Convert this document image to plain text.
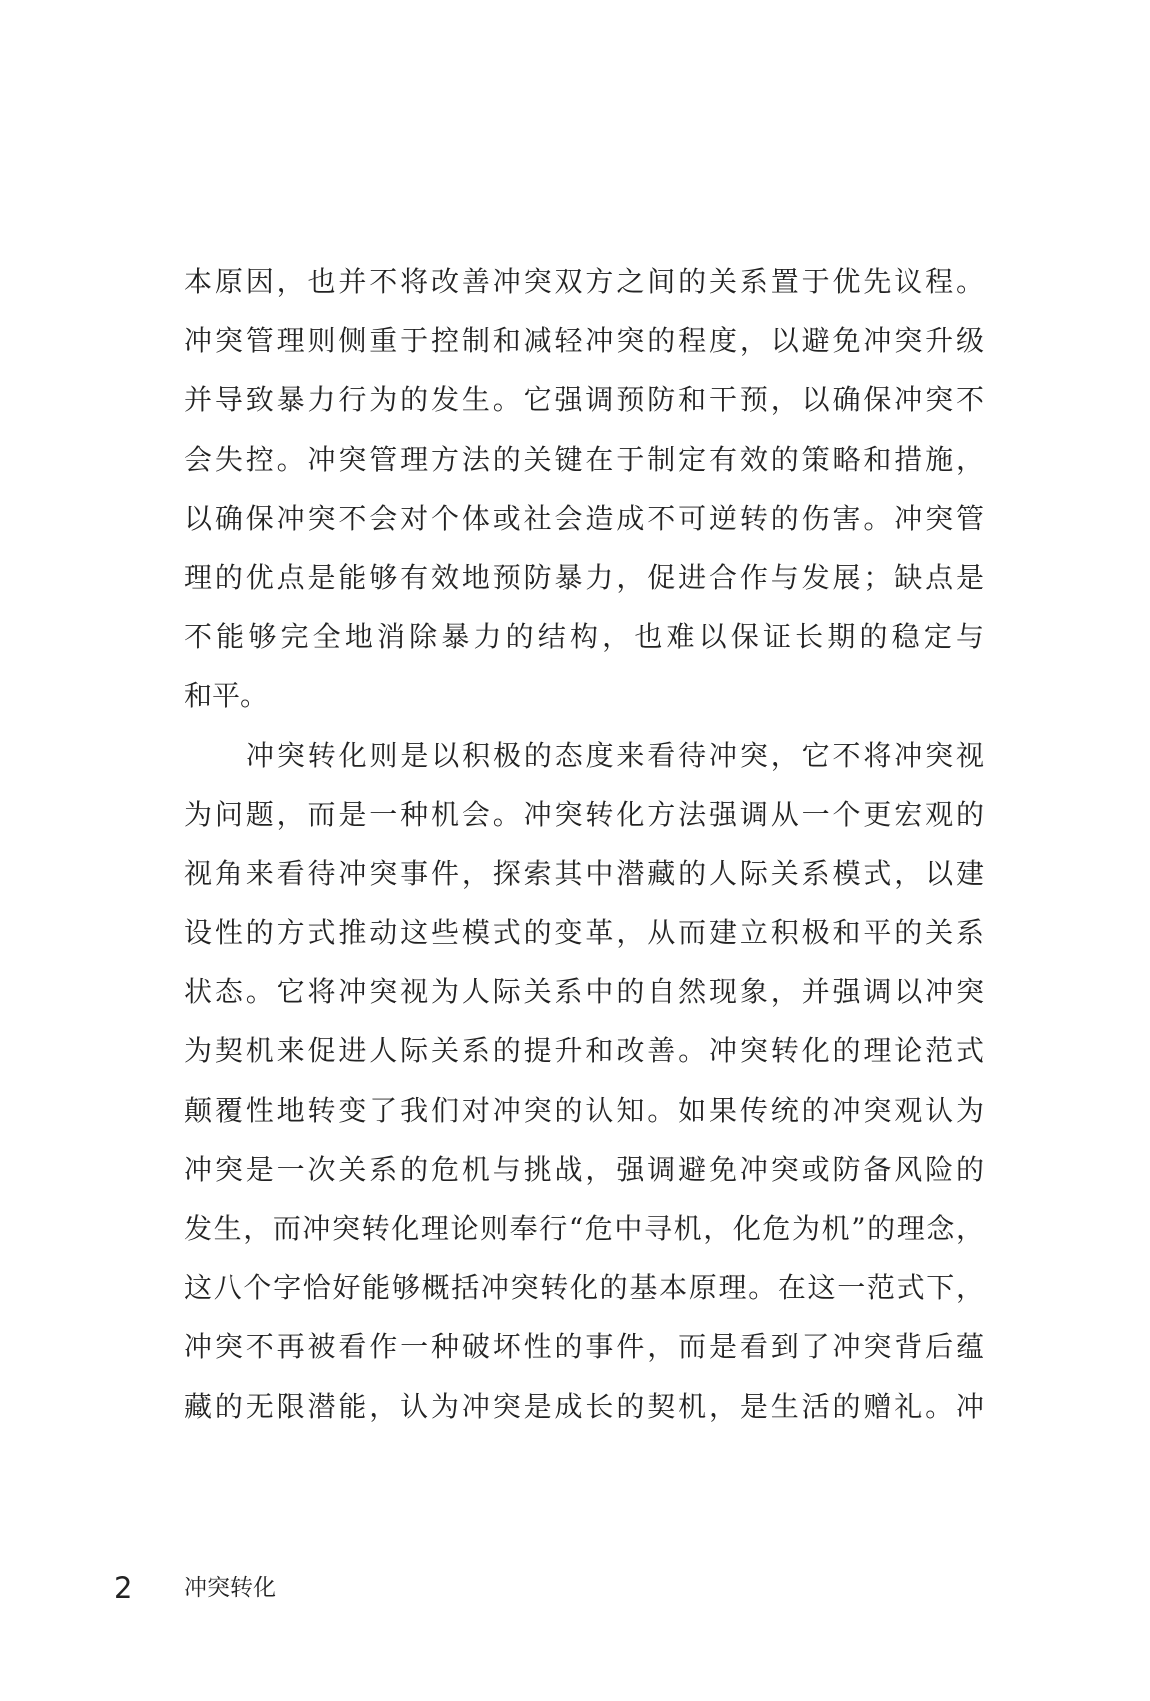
本原因，也并不将改善冲突双方之间的关系置于优先议程。
冲突管理则侧重于控制和减轻冲突的程度，以避免冲突升级
并导致暴力行为的发生。它强调预防和干预，以确保冲突不
会失控。冲突管理方法的关键在于制定有效的策略和措施，
以确保冲突不会对个体或社会造成不可逆转的伤害。冲突管
理的优点是能够有效地预防暴力，促进合作与发展；缺点是
不能够完全地消除暴力的结构，也难以保证长期的稳定与
和平。
冲突转化则是以积极的态度来看待冲突，它不将冲突视
为问题，而是一种机会。冲突转化方法强调从一个更宏观的
视角来看待冲突事件，探索其中潜藏的人际关系模式，以建
设性的方式推动这些模式的变革，从而建立积极和平的关系
状态。它将冲突视为人际关系中的自然现象，并强调以冲突
为契机来促进人际关系的提升和改善。冲突转化的理论范式
颠覆性地转变了我们对冲突的认知。如果传统的冲突观认为
冲突是一次关系的危机与挑战，强调避免冲突或防备风险的
发生，而冲突转化理论则奉行“危中寻机，化危为机”的理念，
这八个字恰好能够概括冲突转化的基本原理。在这一范式下，
冲突不再被看作一种破坏性的事件，而是看到了冲突背后蕴
藏的无限潜能，认为冲突是成长的契机，是生活的赠礼。冲
2 冲突转化
